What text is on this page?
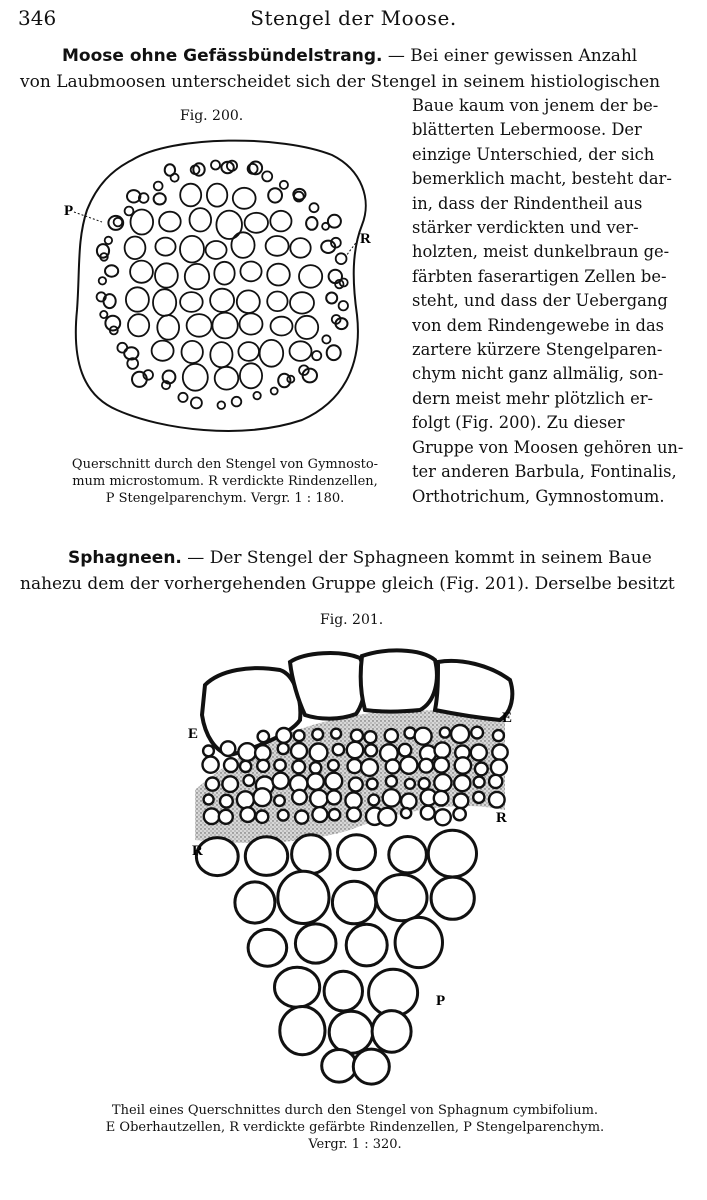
346	Stengel der Moose.
Moose ohne Gefässbündelstrang. — Bei einer gewissen Anzahl
von Laubmoosen unterscheidet sich der Stengel in seinem histiologischen
Fig. 200.
P
R
Querschnitt durch den Stengel von Gymnosto-
mum microstomum. R verdickte Rindenzellen,
P Stengelparenchym. Vergr. 1 : 180.
Baue kaum von jenem der be-
blätterten Lebermoose. Der
einzige Unterschied, der sich
bemerklich macht, besteht dar-
in, dass der Rindentheil aus
stärker verdickten und ver-
holzten, meist dunkelbraun ge-
färbten faserartigen Zellen be-
steht, und dass der Uebergang
von dem Rindengewebe in das
zartere kürzere Stengelparen-
chym nicht ganz allmälig, son-
dern meist mehr plötzlich er-
folgt (Fig. 200). Zu dieser
Gruppe von Moosen gehören un-
ter anderen Barbula, Fontinalis,
Orthotrichum, Gymnostomum.
Sphagneen. — Der Stengel der Sphagneen kommt in seinem Baue
nahezu dem der vorhergehenden Gruppe gleich (Fig. 201). Derselbe besitzt
Fig. 201.
E
E
R
R
P
Theil eines Querschnittes durch den Stengel von Sphagnum cymbifolium.
E Oberhautzellen, R verdickte gefärbte Rindenzellen, P Stengelparenchym.
Vergr. 1 : 320.
